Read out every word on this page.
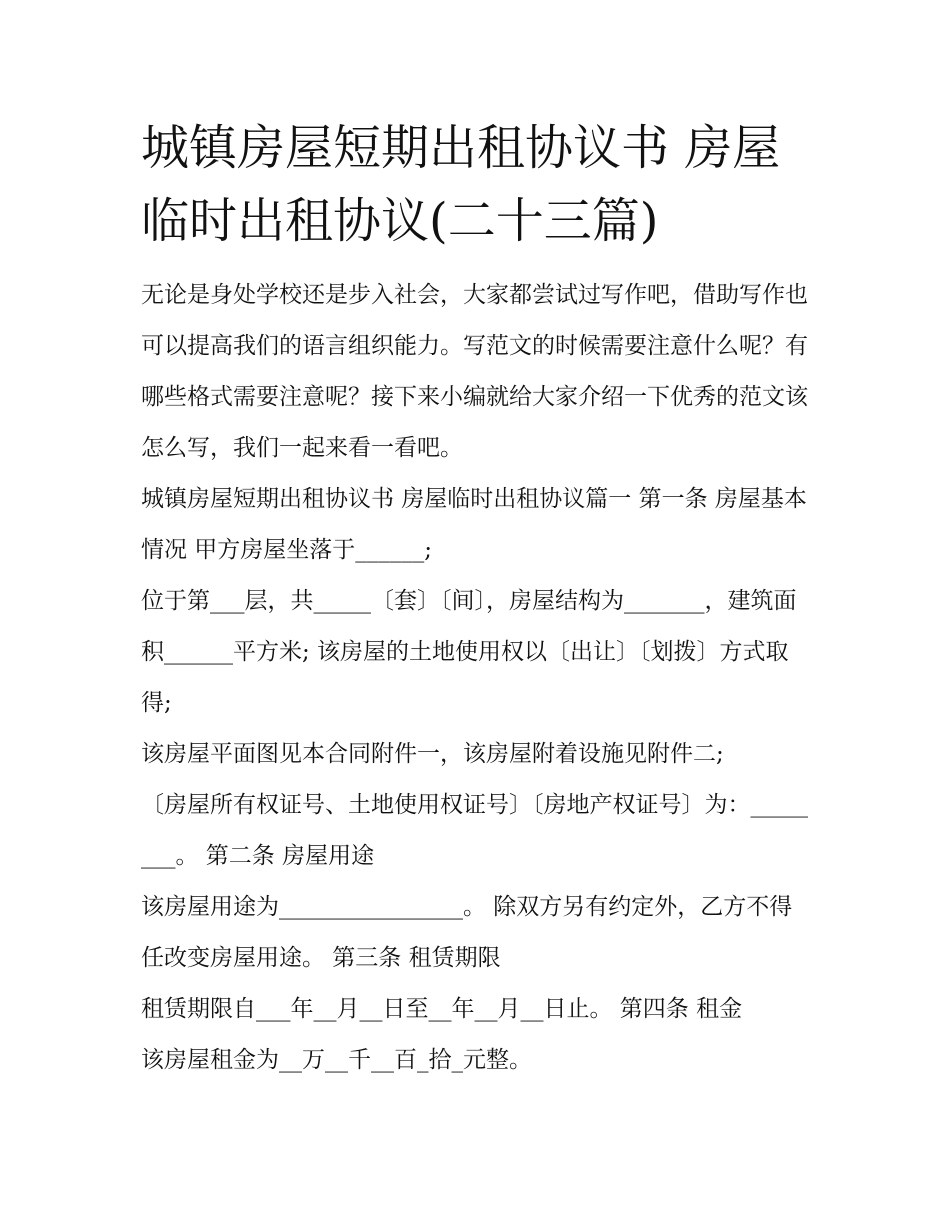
城镇房屋短期出租协议书 房屋临时出租协议(二十三篇)

无论是身处学校还是步入社会，大家都尝试过写作吧，借助写作也可以提高我们的语言组织能力。写范文的时候需要注意什么呢？有哪些格式需要注意呢？接下来小编就给大家介绍一下优秀的范文该怎么写，我们一起来看一看吧。

城镇房屋短期出租协议书 房屋临时出租协议篇一 第一条 房屋基本情况 甲方房屋坐落于______;

位于第___层，共_____〔套〕〔间〕，房屋结构为_______，建筑面积______平方米; 该房屋的土地使用权以〔出让〕〔划拨〕方式取得;

该房屋平面图见本合同附件一，该房屋附着设施见附件二;

〔房屋所有权证号、土地使用权证号〕〔房地产权证号〕为：________。 第二条 房屋用途

该房屋用途为________________。 除双方另有约定外，乙方不得任改变房屋用途。 第三条 租赁期限

租赁期限自___年__月__日至__年__月__日止。 第四条 租金

该房屋租金为__万__千__百_拾_元整。
